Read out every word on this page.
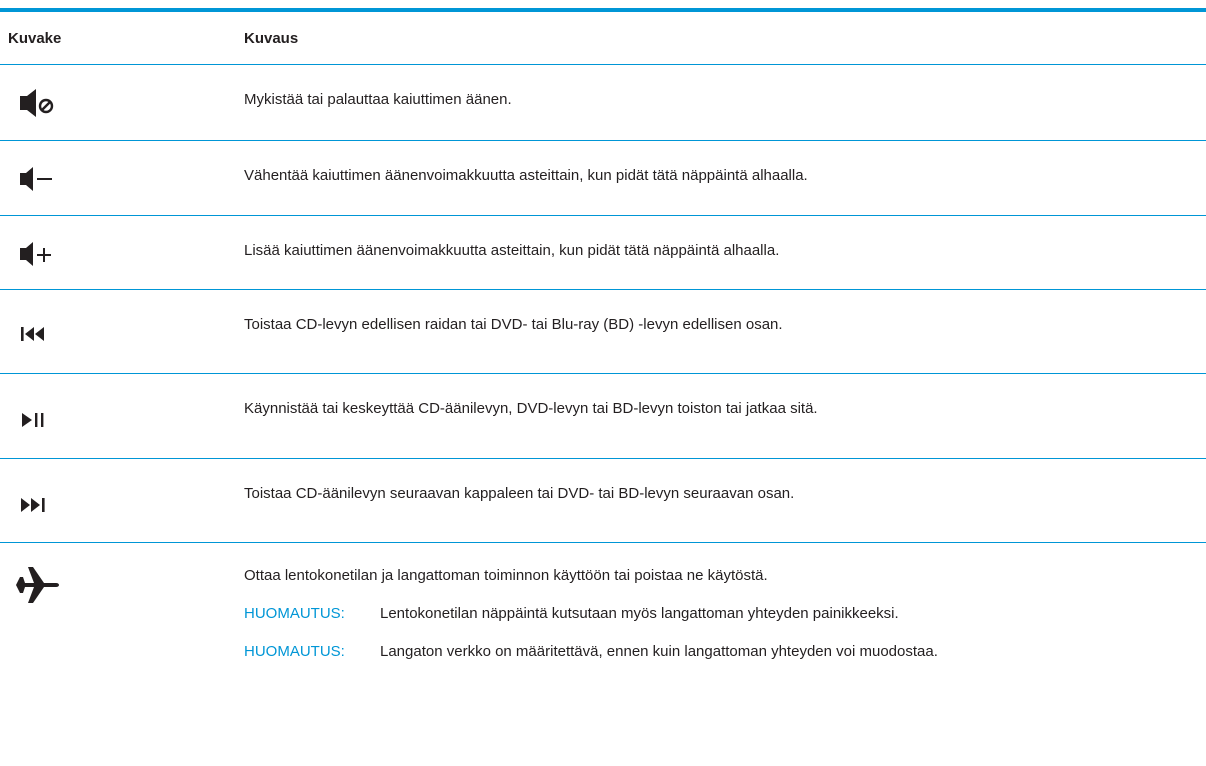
Kuvake	Kuvaus
Mykistää tai palauttaa kaiuttimen äänen.
Vähentää kaiuttimen äänenvoimakkuutta asteittain, kun pidät tätä näppäintä alhaalla.
Lisää kaiuttimen äänenvoimakkuutta asteittain, kun pidät tätä näppäintä alhaalla.
Toistaa CD-levyn edellisen raidan tai DVD- tai Blu-ray (BD) -levyn edellisen osan.
Käynnistää tai keskeyttää CD-äänilevyn, DVD-levyn tai BD-levyn toiston tai jatkaa sitä.
Toistaa CD-äänilevyn seuraavan kappaleen tai DVD- tai BD-levyn seuraavan osan.
Ottaa lentokonetilan ja langattoman toiminnon käyttöön tai poistaa ne käytöstä.
HUOMAUTUS: Lentokonetilan näppäintä kutsutaan myös langattoman yhteyden painikkeeksi.
HUOMAUTUS: Langaton verkko on määritettävä, ennen kuin langattoman yhteyden voi muodostaa.
